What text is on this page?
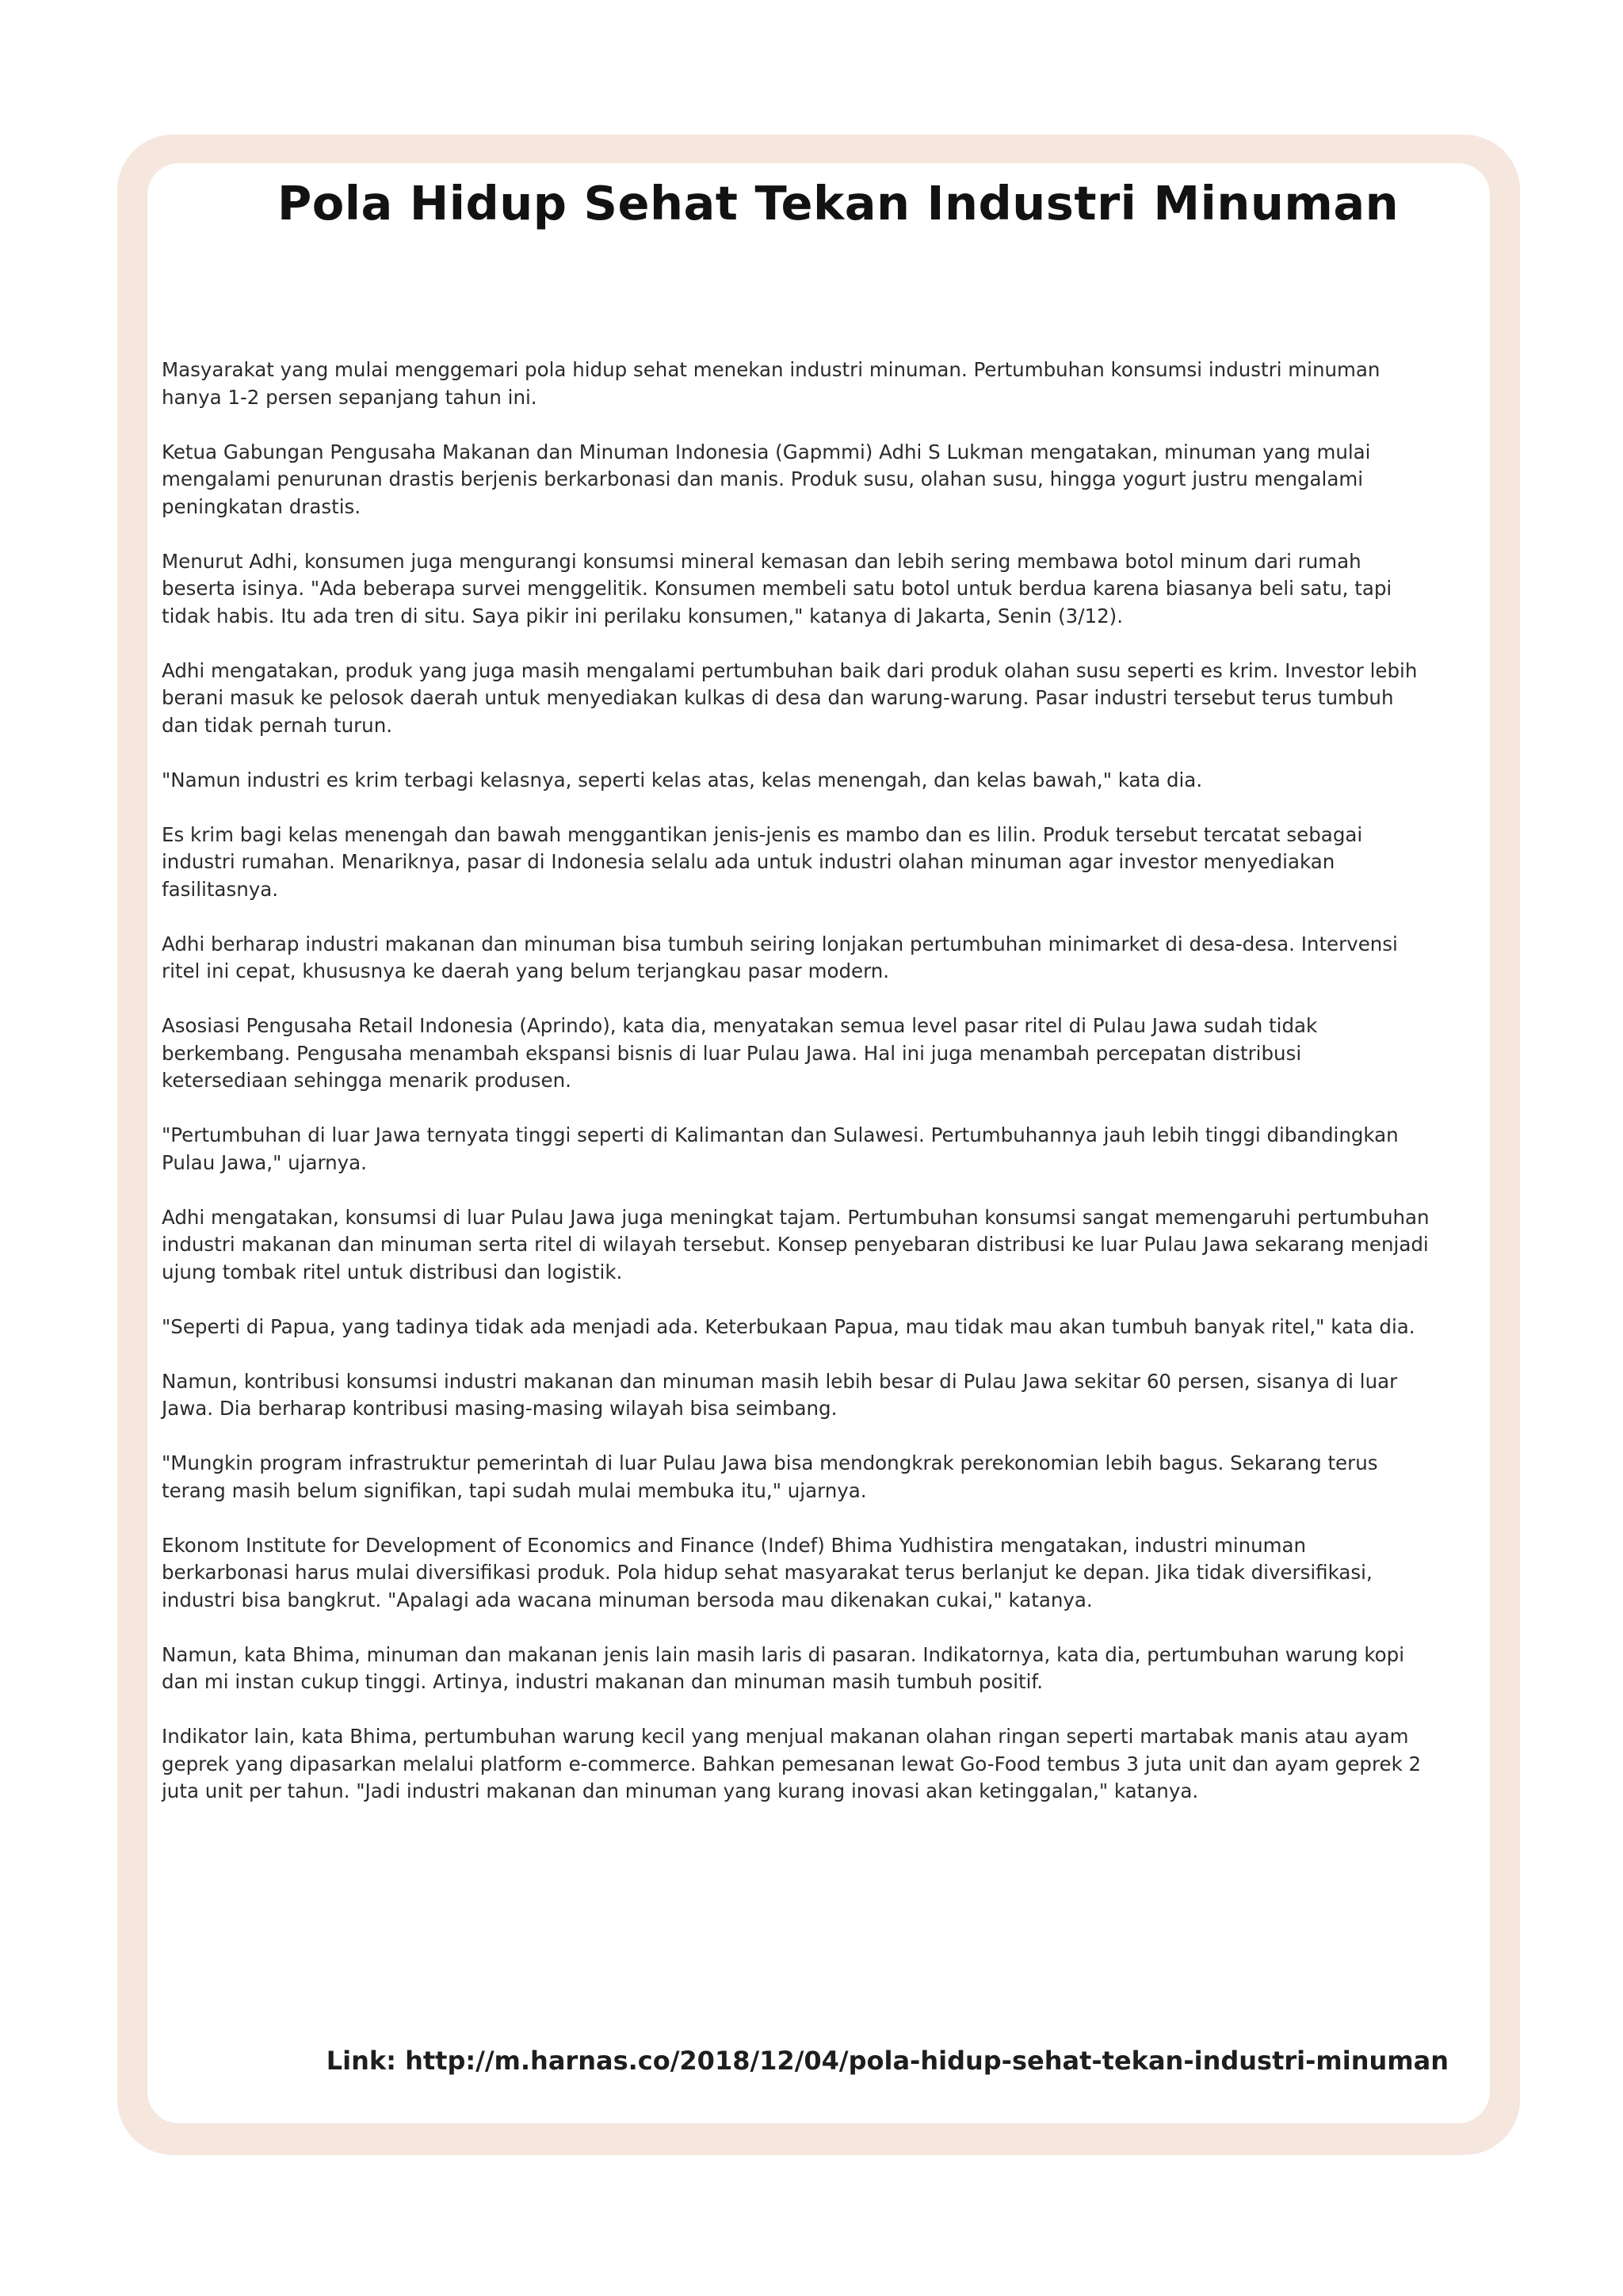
Pola Hidup Sehat Tekan Industri Minuman

Masyarakat yang mulai menggemari pola hidup sehat menekan industri minuman. Pertumbuhan konsumsi industri minuman hanya 1-2 persen sepanjang tahun ini.

Ketua Gabungan Pengusaha Makanan dan Minuman Indonesia (Gapmmi) Adhi S Lukman mengatakan, minuman yang mulai mengalami penurunan drastis berjenis berkarbonasi dan manis. Produk susu, olahan susu, hingga yogurt justru mengalami peningkatan drastis.

Menurut Adhi, konsumen juga mengurangi konsumsi mineral kemasan dan lebih sering membawa botol minum dari rumah beserta isinya. "Ada beberapa survei menggelitik. Konsumen membeli satu botol untuk berdua karena biasanya beli satu, tapi tidak habis. Itu ada tren di situ. Saya pikir ini perilaku konsumen," katanya di Jakarta, Senin (3/12).

Adhi mengatakan, produk yang juga masih mengalami pertumbuhan baik dari produk olahan susu seperti es krim. Investor lebih berani masuk ke pelosok daerah untuk menyediakan kulkas di desa dan warung-warung. Pasar industri tersebut terus tumbuh dan tidak pernah turun.

"Namun industri es krim terbagi kelasnya, seperti kelas atas, kelas menengah, dan kelas bawah," kata dia.

Es krim bagi kelas menengah dan bawah menggantikan jenis-jenis es mambo dan es lilin. Produk tersebut tercatat sebagai industri rumahan. Menariknya, pasar di Indonesia selalu ada untuk industri olahan minuman agar investor menyediakan fasilitasnya.

Adhi berharap industri makanan dan minuman bisa tumbuh seiring lonjakan pertumbuhan minimarket di desa-desa. Intervensi ritel ini cepat, khususnya ke daerah yang belum terjangkau pasar modern.

Asosiasi Pengusaha Retail Indonesia (Aprindo), kata dia, menyatakan semua level pasar ritel di Pulau Jawa sudah tidak berkembang. Pengusaha menambah ekspansi bisnis di luar Pulau Jawa. Hal ini juga menambah percepatan distribusi ketersediaan sehingga menarik produsen.

"Pertumbuhan di luar Jawa ternyata tinggi seperti di Kalimantan dan Sulawesi. Pertumbuhannya jauh lebih tinggi dibandingkan Pulau Jawa," ujarnya.

Adhi mengatakan, konsumsi di luar Pulau Jawa juga meningkat tajam. Pertumbuhan konsumsi sangat memengaruhi pertumbuhan industri makanan dan minuman serta ritel di wilayah tersebut. Konsep penyebaran distribusi ke luar Pulau Jawa sekarang menjadi ujung tombak ritel untuk distribusi dan logistik.

"Seperti di Papua, yang tadinya tidak ada menjadi ada. Keterbukaan Papua, mau tidak mau akan tumbuh banyak ritel," kata dia.

Namun, kontribusi konsumsi industri makanan dan minuman masih lebih besar di Pulau Jawa sekitar 60 persen, sisanya di luar Jawa. Dia berharap kontribusi masing-masing wilayah bisa seimbang.

"Mungkin program infrastruktur pemerintah di luar Pulau Jawa bisa mendongkrak perekonomian lebih bagus. Sekarang terus terang masih belum signifikan, tapi sudah mulai membuka itu," ujarnya.

Ekonom Institute for Development of Economics and Finance (Indef) Bhima Yudhistira mengatakan, industri minuman berkarbonasi harus mulai diversifikasi produk. Pola hidup sehat masyarakat terus berlanjut ke depan. Jika tidak diversifikasi, industri bisa bangkrut. "Apalagi ada wacana minuman bersoda mau dikenakan cukai," katanya.

Namun, kata Bhima, minuman dan makanan jenis lain masih laris di pasaran. Indikatornya, kata dia, pertumbuhan warung kopi dan mi instan cukup tinggi. Artinya, industri makanan dan minuman masih tumbuh positif.

Indikator lain, kata Bhima, pertumbuhan warung kecil yang menjual makanan olahan ringan seperti martabak manis atau ayam geprek yang dipasarkan melalui platform e-commerce. Bahkan pemesanan lewat Go-Food tembus 3 juta unit dan ayam geprek 2 juta unit per tahun. "Jadi industri makanan dan minuman yang kurang inovasi akan ketinggalan," katanya.

Link: http://m.harnas.co/2018/12/04/pola-hidup-sehat-tekan-industri-minuman
